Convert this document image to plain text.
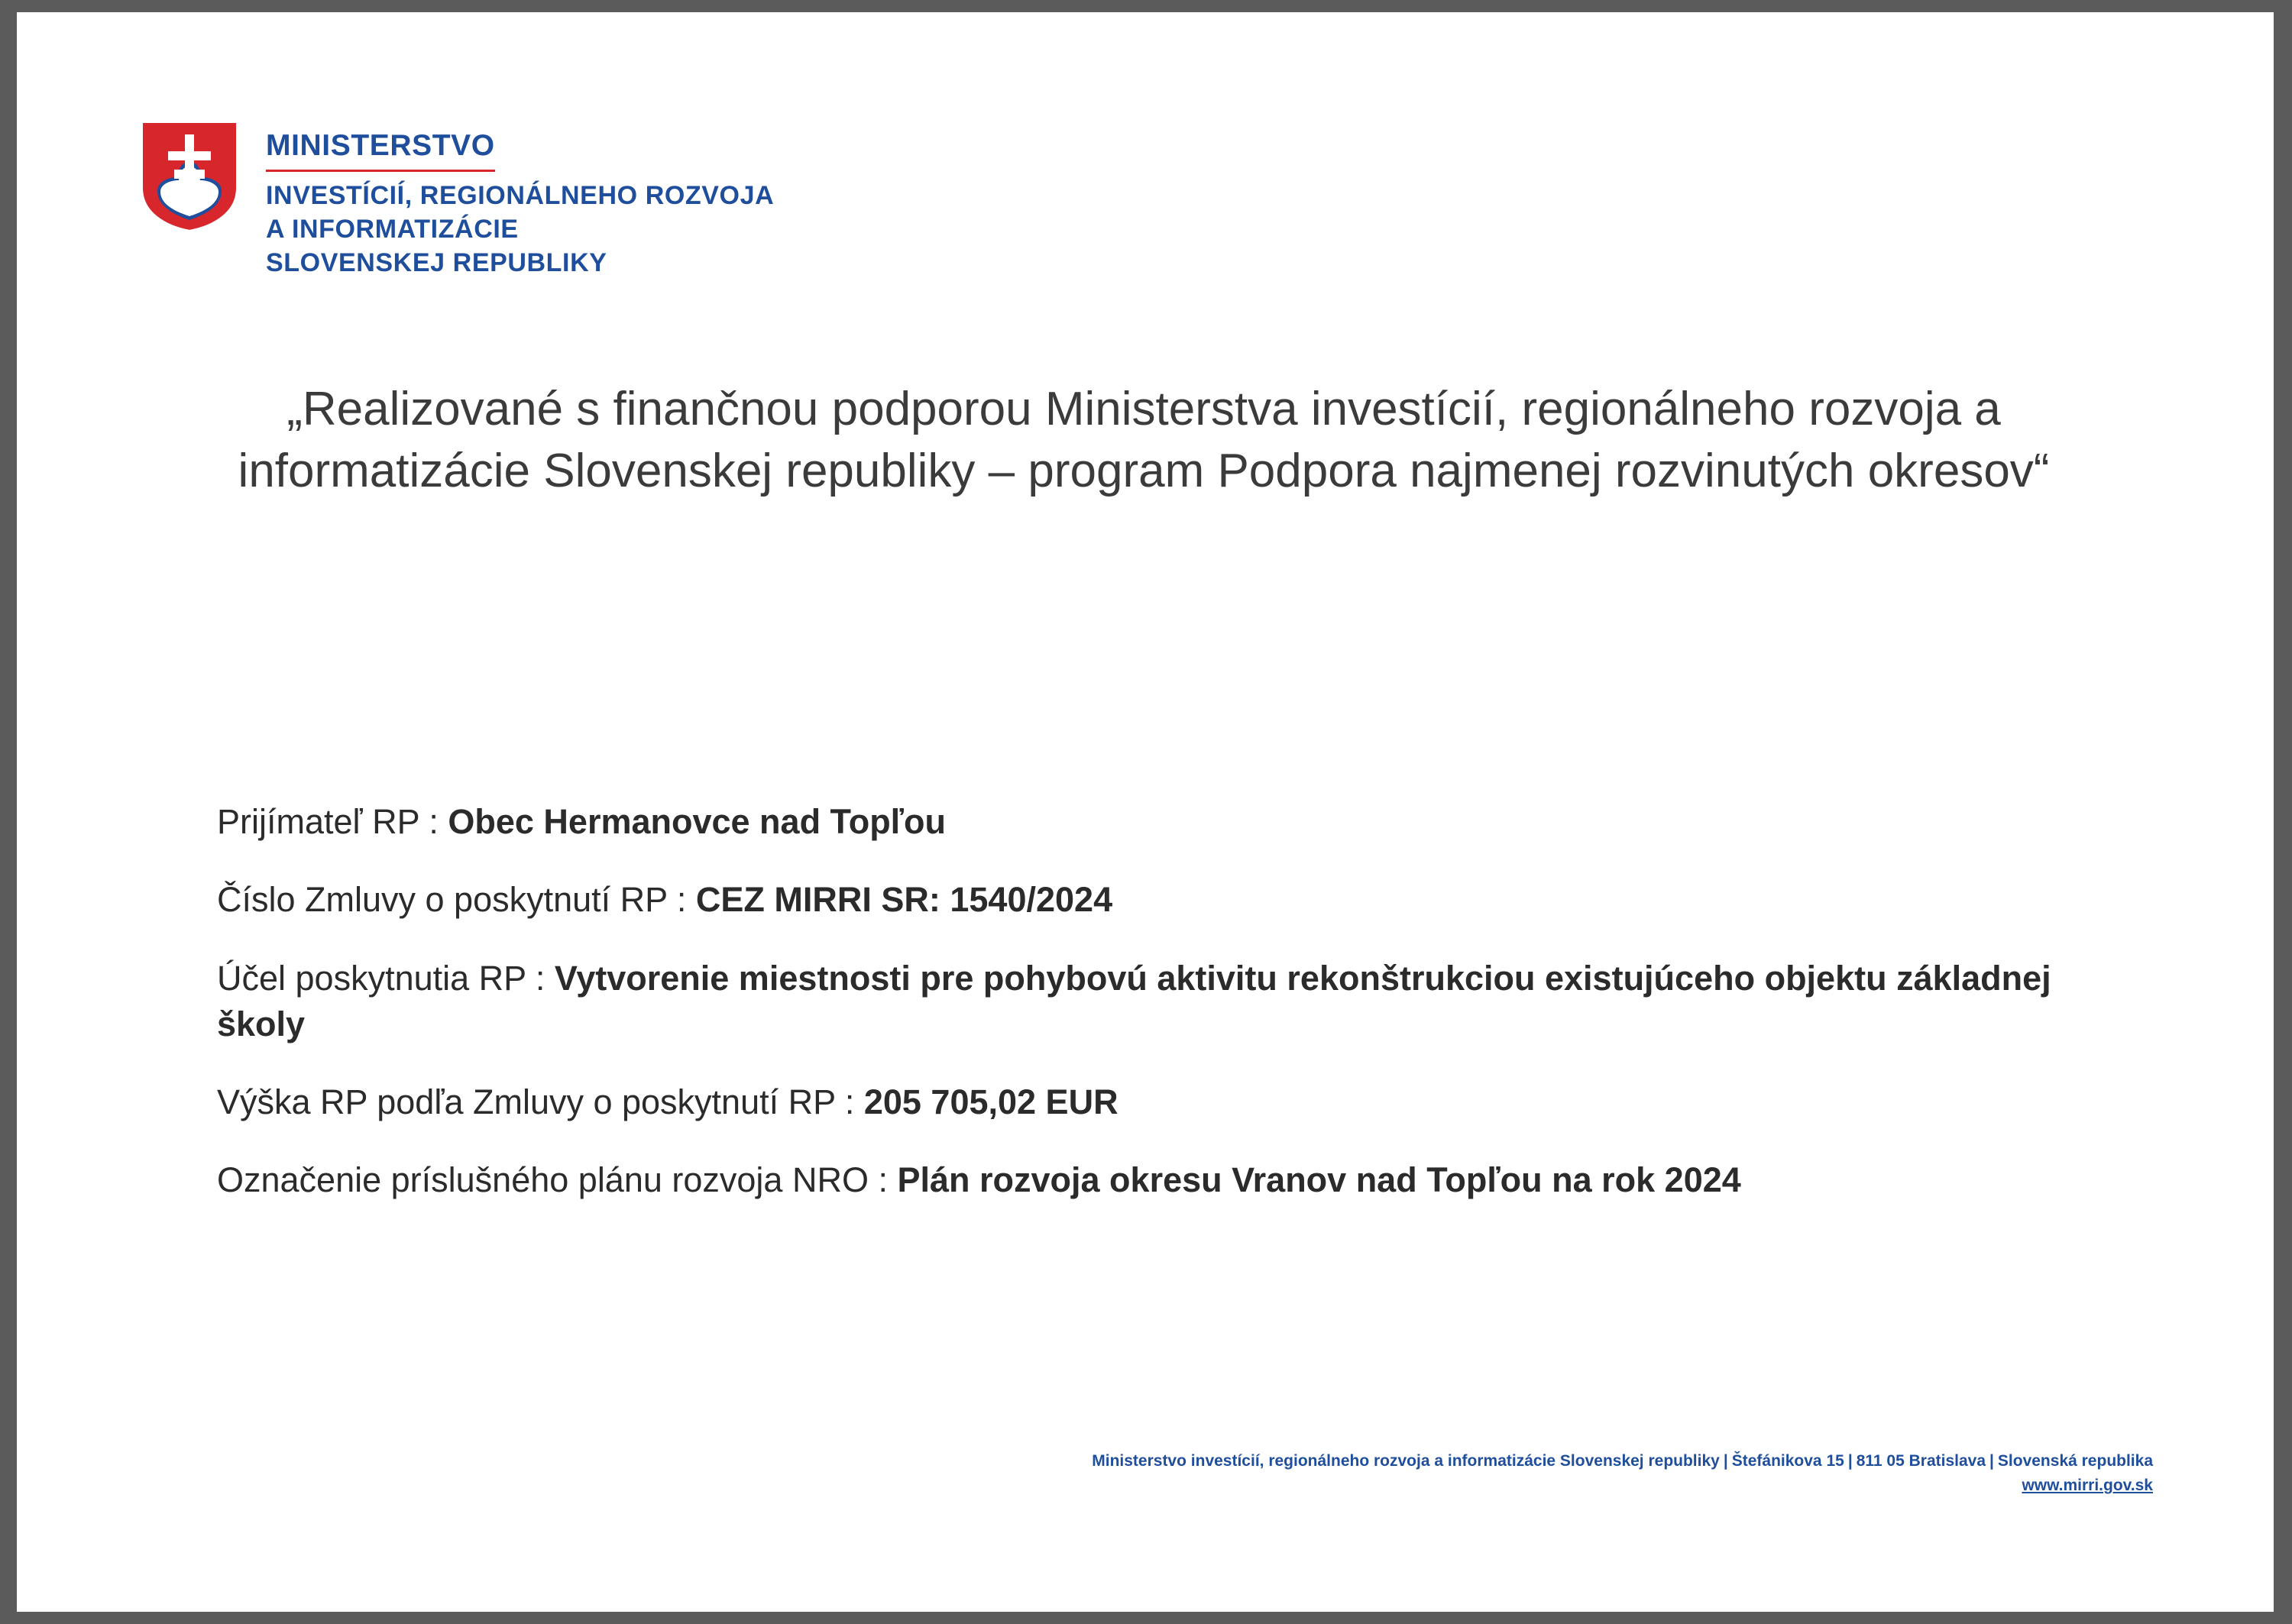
MINISTERSTVO
INVESTÍCIÍ, REGIONÁLNEHO ROZVOJA
A INFORMATIZÁCIE
SLOVENSKEJ REPUBLIKY
„Realizované s finančnou podporou Ministerstva investícií, regionálneho rozvoja a informatizácie Slovenskej republiky – program Podpora najmenej rozvinutých okresov“
Prijímateľ RP : Obec Hermanovce nad Topľou
Číslo Zmluvy o poskytnutí RP : CEZ MIRRI SR: 1540/2024
Účel poskytnutia RP : Vytvorenie miestnosti pre pohybovú aktivitu rekonštrukciou existujúceho objektu základnej školy
Výška RP podľa Zmluvy o poskytnutí RP : 205 705,02 EUR
Označenie príslušného plánu rozvoja NRO : Plán rozvoja okresu Vranov nad Topľou na rok 2024
Ministerstvo investícií, regionálneho rozvoja a informatizácie Slovenskej republiky | Štefánikova 15 | 811 05 Bratislava | Slovenská republika
www.mirri.gov.sk
